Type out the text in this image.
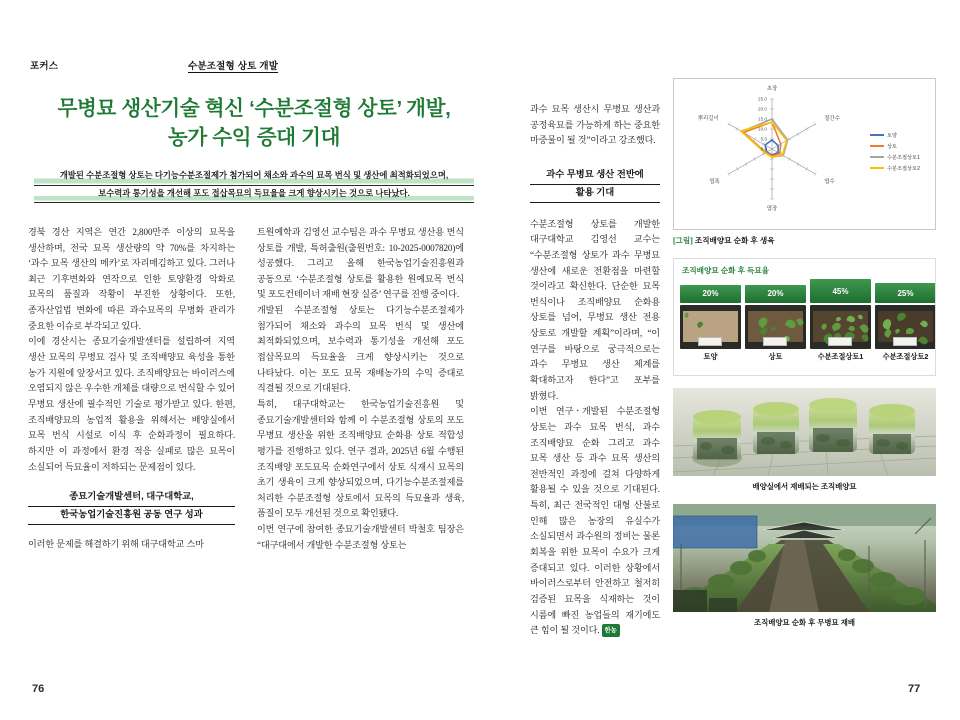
포커스	수분조절형 상토 개발
무병묘 생산기술 혁신 ‘수분조절형 상토’ 개발,
농가 수익 증대 기대
개발된 수분조절형 상토는 다기능수분조절제가 첨가되어 채소와 과수의 묘목 번식 및 생산에 최적화되었으며,
보수력과 통기성을 개선해 포도 접삽목묘의 득묘율을 크게 향상시키는 것으로 나타났다.

경북 경산 지역은 연간 2,800만주 이상의 묘목을 생산하며, 전국 묘목 생산량의 약 70%를 차지하는 ‘과수 묘목 생산의 메카’로 자리매김하고 있다. 그러나 최근 기후변화와 연작으로 인한 토양환경 악화로 묘목의 품질과 작황이 부진한 상황이다. 또한, 종자산업법 변화에 따른 과수묘목의 무병화 관리가 중요한 이슈로 부각되고 있다.

이에 경산시는 종묘기술개발센터를 설립하여 지역 생산 묘목의 무병묘 검사 및 조직배양묘 육성을 통한 농가 지원에 앞장서고 있다. 조직배양묘는 바이러스에 오염되지 않은 우수한 개체를 대량으로 번식할 수 있어 무병묘 생산에 필수적인 기술로 평가받고 있다. 한편, 조직배양묘의 농업적 활용을 위해서는 배양실에서 묘목 번식 시설로 이식 후 순화과정이 필요하다. 하지만 이 과정에서 환경 적응 실패로 많은 묘목이 소실되어 득묘율이 저하되는 문제점이 있다.

종묘기술개발센터, 대구대학교,
한국농업기술진흥원 공동 연구 성과

이러한 문제를 해결하기 위해 대구대학교 스마

트원예학과 김영선 교수팀은 과수 무병묘 생산용 번식 상토를 개발, 특허출원(출원번호: 10-2025-0007820)에 성공했다. 그리고 올해 한국농업기술진흥원과 공동으로 ‘수분조절형 상토를 활용한 원예묘목 번식 및 포도컨테이너 재배 현장 실증’ 연구를 진행 중이다.

개발된 수분조절형 상토는 다기능수분조절제가 첨가되어 채소와 과수의 묘목 번식 및 생산에 최적화되었으며, 보수력과 통기성을 개선해 포도 접삽목묘의 득묘율을 크게 향상시키는 것으로 나타났다. 이는 포도 묘목 재배농가의 수익 증대로 직결될 것으로 기대된다.

특히, 대구대학교는 한국농업기술진흥원 및 종묘기술개발센터와 함께 이 수분조절형 상토의 포도 무병묘 생산을 위한 조직배양묘 순화용 상토 적합성 평가를 진행하고 있다. 연구 결과, 2025년 6월 수행된 조직배양 포도묘목 순화연구에서 상토 식재시 묘목의 초기 생육이 크게 향상되었으며, 다기능수분조절제를 처리한 수분조절형 상토에서 묘목의 득묘율과 생육, 품질이 모두 개선된 것으로 확인됐다.

이번 연구에 참여한 종묘기술개발센터 박철호 팀장은 “대구대에서 개발한 수분조절형 상토는

과수 묘목 생산시 무병묘 생산과 공정육묘를 가능하게 하는 중요한 마중물이 될 것”이라고 강조했다.

과수 무병묘 생산 전반에
활용 기대

수분조절형 상토를 개발한 대구대학교 김영선 교수는 “수분조절형 상토가 과수 무병묘 생산에 새로운 전환점을 마련할 것이라고 확신한다. 단순한 묘목 번식이나 조직배양묘 순화용 상토를 넘어, 무병묘 생산 전용 상토로 개발할 계획”이라며, “이 연구를 바탕으로 궁극적으로는 과수 무병묘 생산 체계를 확대하고자 한다”고 포부를 밝혔다.

이번 연구ㆍ개발된 수분조절형 상토는 과수 묘목 번식, 과수 조직배양묘 순화 그리고 과수 묘목 생산 등 과수 묘목 생산의 전반적인 과정에 걸쳐 다양하게 활용될 수 있을 것으로 기대된다. 특히, 최근 전국적인 대형 산불로 인해 많은 농장의 유실수가 소실되면서 과수원의 정비는 물론 회복을 위한 묘목이 수요가 크게 증대되고 있다. 이러한 상황에서 바이러스로부터 안전하고 철저히 검증된 묘목을 식재하는 것이 시름에 빠진 농업들의 재기에도 큰 힘이 될 것이다. 한농

0.0
5.0
10.0
15.0
20.0
25.0
초장
절간수
엽수
엽장
엽폭
뿌리길이
토양
상토
수분조절상토1
수분조절상토2
[그림] 조직배양묘 순화 후 생육
조직배양묘 순화 후 득묘율
20%
토양
20%
상토
45%
수분조절상토1
25%
수분조절상토2
배양실에서 재배되는 조직배양묘
조직배양묘 순화 후 무병묘 재배
76	77
